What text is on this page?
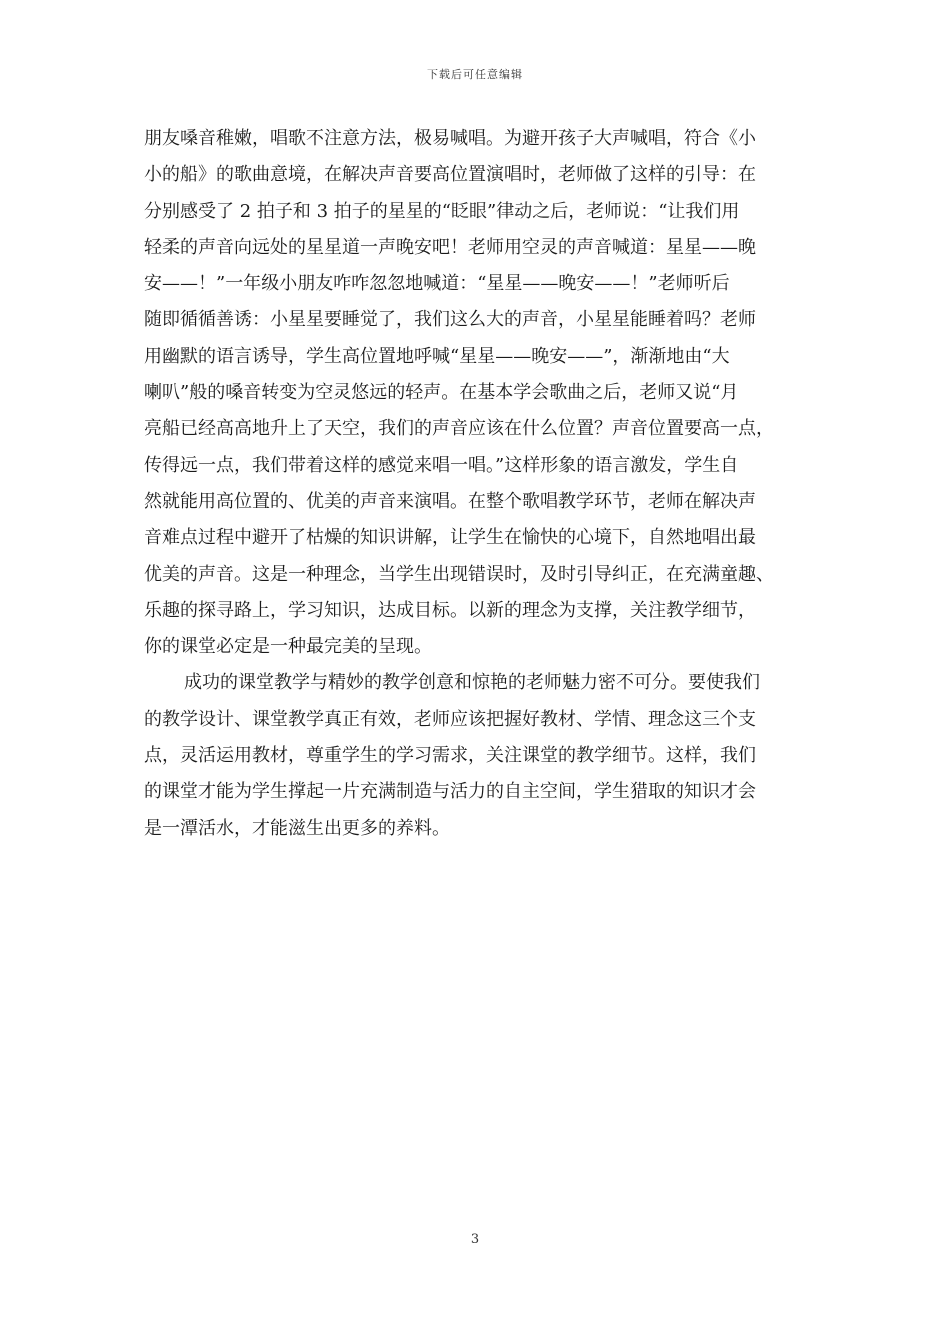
下载后可任意编辑
朋友嗓音稚嫩，唱歌不注意方法，极易喊唱。为避开孩子大声喊唱，符合《小
小的船》的歌曲意境，在解决声音要高位置演唱时，老师做了这样的引导：在
分别感受了 2 拍子和 3 拍子的星星的“眨眼”律动之后，老师说：“让我们用
轻柔的声音向远处的星星道一声晚安吧！老师用空灵的声音喊道：星星——晚
安——！”一年级小朋友咋咋忽忽地喊道：“星星——晚安——！”老师听后
随即循循善诱：小星星要睡觉了，我们这么大的声音，小星星能睡着吗？老师
用幽默的语言诱导，学生高位置地呼喊“星星——晚安——”，渐渐地由“大
喇叭”般的嗓音转变为空灵悠远的轻声。在基本学会歌曲之后，老师又说“月
亮船已经高高地升上了天空，我们的声音应该在什么位置？声音位置要高一点，
传得远一点，我们带着这样的感觉来唱一唱。”这样形象的语言激发，学生自
然就能用高位置的、优美的声音来演唱。在整个歌唱教学环节，老师在解决声
音难点过程中避开了枯燥的知识讲解，让学生在愉快的心境下，自然地唱出最
优美的声音。这是一种理念，当学生出现错误时，及时引导纠正，在充满童趣、
乐趣的探寻路上，学习知识，达成目标。以新的理念为支撑，关注教学细节，
你的课堂必定是一种最完美的呈现。
成功的课堂教学与精妙的教学创意和惊艳的老师魅力密不可分。要使我们
的教学设计、课堂教学真正有效，老师应该把握好教材、学情、理念这三个支
点，灵活运用教材，尊重学生的学习需求，关注课堂的教学细节。这样，我们
的课堂才能为学生撑起一片充满制造与活力的自主空间，学生猎取的知识才会
是一潭活水，才能滋生出更多的养料。
3
